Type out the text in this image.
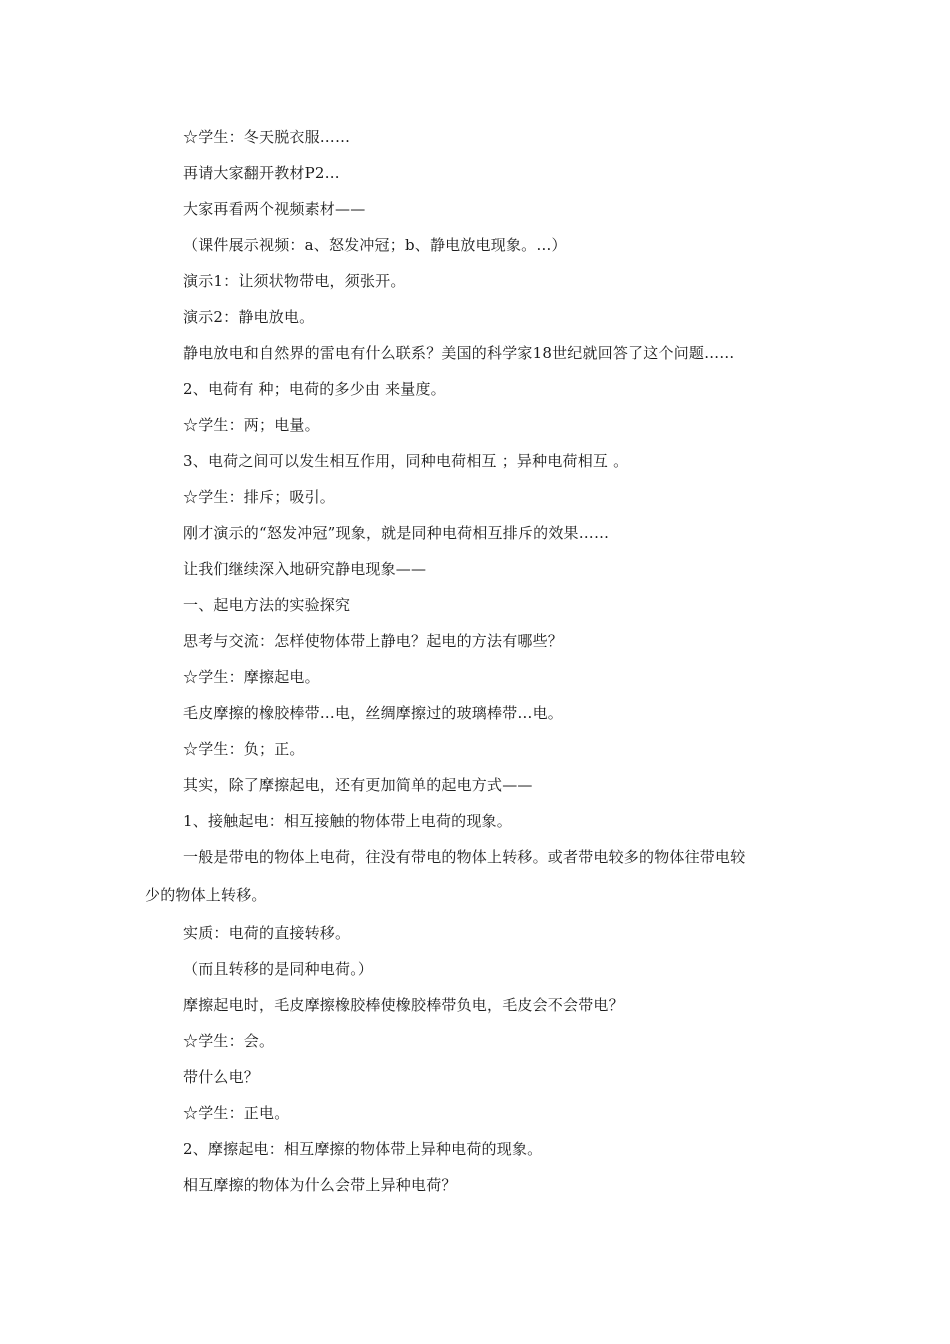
☆学生：冬天脱衣服……
再请大家翻开教材P2…
大家再看两个视频素材——
（课件展示视频：a、怒发冲冠；b、静电放电现象。…）
演示1：让须状物带电，须张开。
演示2：静电放电。
静电放电和自然界的雷电有什么联系？美国的科学家18世纪就回答了这个问题……
2、电荷有 种；电荷的多少由 来量度。
☆学生：两；电量。
3、电荷之间可以发生相互作用，同种电荷相互 ；异种电荷相互 。
☆学生：排斥；吸引。
刚才演示的“怒发冲冠”现象，就是同种电荷相互排斥的效果……
让我们继续深入地研究静电现象——
一、起电方法的实验探究
思考与交流：怎样使物体带上静电？起电的方法有哪些？
☆学生：摩擦起电。
毛皮摩擦的橡胶棒带…电，丝绸摩擦过的玻璃棒带…电。
☆学生：负；正。
其实，除了摩擦起电，还有更加简单的起电方式——
1、接触起电：相互接触的物体带上电荷的现象。
一般是带电的物体上电荷，往没有带电的物体上转移。或者带电较多的物体往带电较
少的物体上转移。
实质：电荷的直接转移。
（而且转移的是同种电荷。）
摩擦起电时，毛皮摩擦橡胶棒使橡胶棒带负电，毛皮会不会带电？
☆学生：会。
带什么电？
☆学生：正电。
2、摩擦起电：相互摩擦的物体带上异种电荷的现象。
相互摩擦的物体为什么会带上异种电荷？
